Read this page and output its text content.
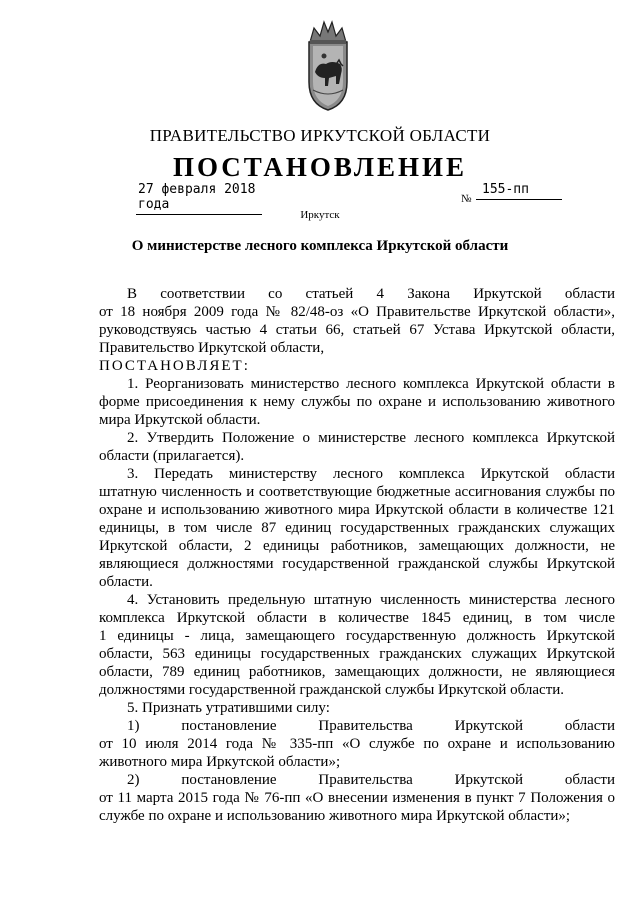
ПРАВИТЕЛЬСТВО ИРКУТСКОЙ ОБЛАСТИ
ПОСТАНОВЛЕНИЕ
27 февраля 2018 года	№
155-пп
Иркутск
О министерстве лесного комплекса Иркутской области
В соответствии со статьей 4 Закона Иркутской области
от 18 ноября 2009 года № 82/48-оз «О Правительстве Иркутской области»,
руководствуясь частью 4 статьи 66, статьей 67 Устава Иркутской области,
Правительство Иркутской области,
ПОСТАНОВЛЯЕТ:
1. Реорганизовать министерство лесного комплекса Иркутской области в
форме присоединения к нему службы по охране и использованию животного
мира Иркутской области.
2. Утвердить Положение о министерстве лесного комплекса Иркутской
области (прилагается).
3. Передать министерству лесного комплекса Иркутской области
штатную численность и соответствующие бюджетные ассигнования службы по
охране и использованию животного мира Иркутской области в количестве 121
единицы, в том числе 87 единиц государственных гражданских служащих
Иркутской области, 2 единицы работников, замещающих должности, не
являющиеся должностями государственной гражданской службы Иркутской
области.
4. Установить предельную штатную численность министерства лесного
комплекса Иркутской области в количестве 1845 единиц, в том числе
1 единицы - лица, замещающего государственную должность Иркутской
области, 563 единицы государственных гражданских служащих Иркутской
области, 789 единиц работников, замещающих должности, не являющиеся
должностями государственной гражданской службы Иркутской области.
5. Признать утратившими силу:
1) постановление Правительства Иркутской области
от 10 июля 2014 года № 335-пп «О службе по охране и использованию
животного мира Иркутской области»;
2) постановление Правительства Иркутской области
от 11 марта 2015 года № 76-пп «О внесении изменения в пункт 7 Положения о
службе по охране и использованию животного мира Иркутской области»;
